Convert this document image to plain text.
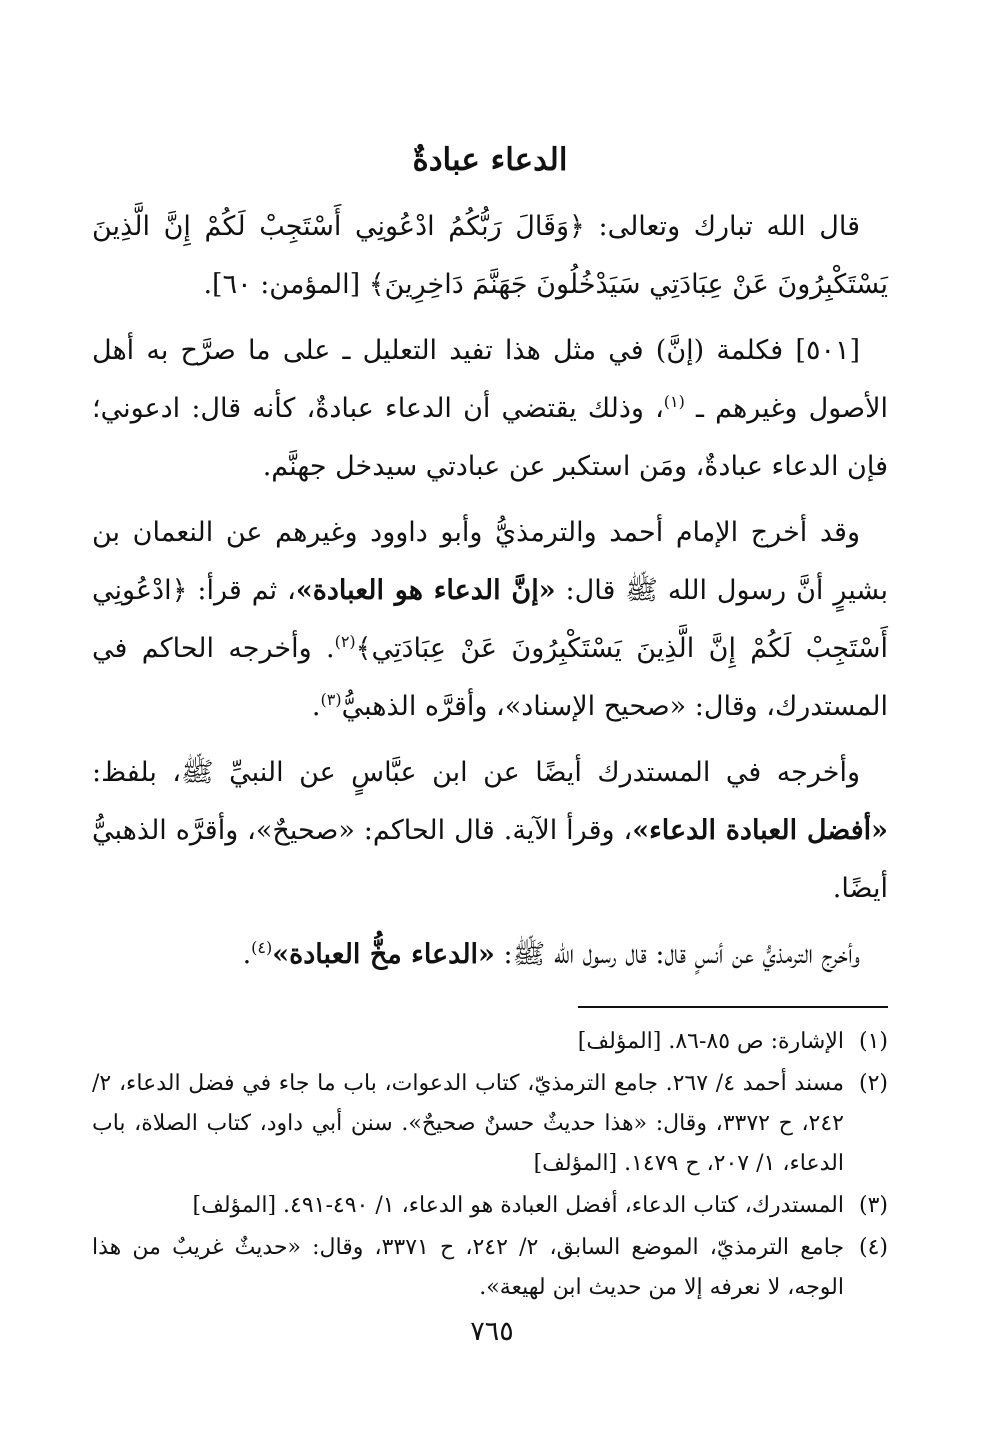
الدعاء عبادةٌ

قال الله تبارك وتعالى: ﴿وَقَالَ رَبُّكُمُ ادْعُونِي أَسْتَجِبْ لَكُمْ إِنَّ الَّذِينَ يَسْتَكْبِرُونَ عَنْ عِبَادَتِي سَيَدْخُلُونَ جَهَنَّمَ دَاخِرِينَ﴾ [المؤمن: ٦٠].

[٥٠١] فكلمة (إنَّ) في مثل هذا تفيد التعليل ـ على ما صرَّح به أهل الأصول وغيرهم ـ $^{(١)}$، وذلك يقتضي أن الدعاء عبادةٌ، كأنه قال: ادعوني؛ فإن الدعاء عبادةٌ، ومَن استكبر عن عبادتي سيدخل جهنَّم.

وقد أخرج الإمام أحمد والترمذيُّ وأبو داوود وغيرهم عن النعمان بن بشيرٍ أنَّ رسول الله ﷺ قال: «إنَّ الدعاء هو العبادة»، ثم قرأ: ﴿ادْعُونِي أَسْتَجِبْ لَكُمْ إِنَّ الَّذِينَ يَسْتَكْبِرُونَ عَنْ عِبَادَتِي﴾$^{(٢)}$. وأخرجه الحاكم في المستدرك، وقال: «صحيح الإسناد»، وأقرَّه الذهبيُّ$^{(٣)}$.

وأخرجه في المستدرك أيضًا عن ابن عبَّاسٍ عن النبيِّ ﷺ، بلفظ: «أفضل العبادة الدعاء»، وقرأ الآية. قال الحاكم: «صحيحٌ»، وأقرَّه الذهبيُّ أيضًا.

وأخرج الترمذيُّ عن أنسٍ قال: قال رسول الله ﷺ: «الدعاء مخُّ العبادة»$^{(٤)}$.

(١)
الإشارة: ص ٨٥-٨٦. [المؤلف]
(٢)
مسند أحمد ٤/ ٢٦٧. جامع الترمذيّ، كتاب الدعوات، باب ما جاء في فضل الدعاء، ٢/ ٢٤٢، ح ٣٣٧٢، وقال: «هذا حديثٌ حسنٌ صحيحٌ». سنن أبي داود، كتاب الصلاة، باب الدعاء، ١/ ٢٠٧، ح ١٤٧٩. [المؤلف]
(٣)
المستدرك، كتاب الدعاء، أفضل العبادة هو الدعاء، ١/ ٤٩٠-٤٩١. [المؤلف]
(٤)
جامع الترمذيّ، الموضع السابق، ٢/ ٢٤٢، ح ٣٣٧١، وقال: «حديثٌ غريبٌ من هذا الوجه، لا نعرفه إلا من حديث ابن لهيعة».
٧٦٥
